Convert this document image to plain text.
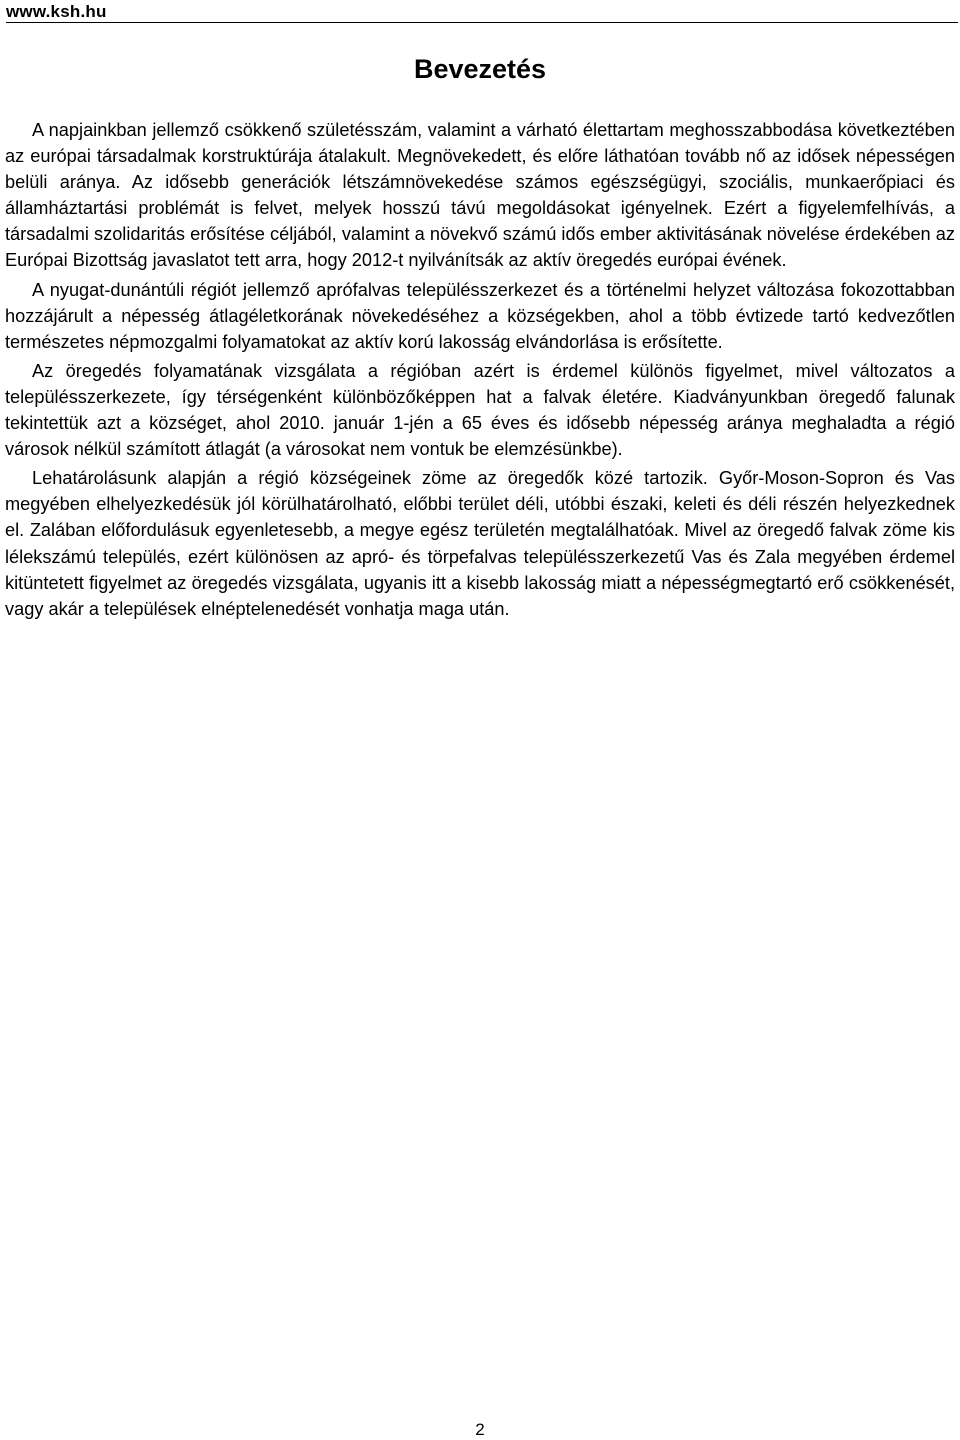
www.ksh.hu
Bevezetés

A napjainkban jellemző csökkenő születésszám, valamint a várható élettartam meghosszabbodása következtében az európai társadalmak korstruktúrája átalakult. Megnövekedett, és előre láthatóan tovább nő az idősek népességen belüli aránya. Az idősebb generációk létszámnövekedése számos egészségügyi, szociális, munkaerőpiaci és államháztartási problémát is felvet, melyek hosszú távú megoldásokat igényelnek. Ezért a figyelemfelhívás, a társadalmi szolidaritás erősítése céljából, valamint a növekvő számú idős ember aktivitásának növelése érdekében az Európai Bizottság javaslatot tett arra, hogy 2012-t nyilvánítsák az aktív öregedés európai évének.

A nyugat-dunántúli régiót jellemző aprófalvas településszerkezet és a történelmi helyzet változása fokozottabban hozzájárult a népesség átlagéletkorának növekedéséhez a községekben, ahol a több évtizede tartó kedvezőtlen természetes népmozgalmi folyamatokat az aktív korú lakosság elvándorlása is erősítette.

Az öregedés folyamatának vizsgálata a régióban azért is érdemel különös figyelmet, mivel változatos a településszerkezete, így térségenként különbözőképpen hat a falvak életére. Kiadványunkban öregedő falunak tekintettük azt a községet, ahol 2010. január 1-jén a 65 éves és idősebb népesség aránya meghaladta a régió városok nélkül számított átlagát (a városokat nem vontuk be elemzésünkbe).

Lehatárolásunk alapján a régió községeinek zöme az öregedők közé tartozik. Győr-Moson-Sopron és Vas megyében elhelyezkedésük jól körülhatárolható, előbbi terület déli, utóbbi északi, keleti és déli részén helyezkednek el. Zalában előfordulásuk egyenletesebb, a megye egész területén megtalálhatóak. Mivel az öregedő falvak zöme kis lélekszámú település, ezért különösen az apró- és törpefalvas településszerkezetű Vas és Zala megyében érdemel kitüntetett figyelmet az öregedés vizsgálata, ugyanis itt a kisebb lakosság miatt a népességmegtartó erő csökkenését, vagy akár a települések elnéptelenedését vonhatja maga után.

2
